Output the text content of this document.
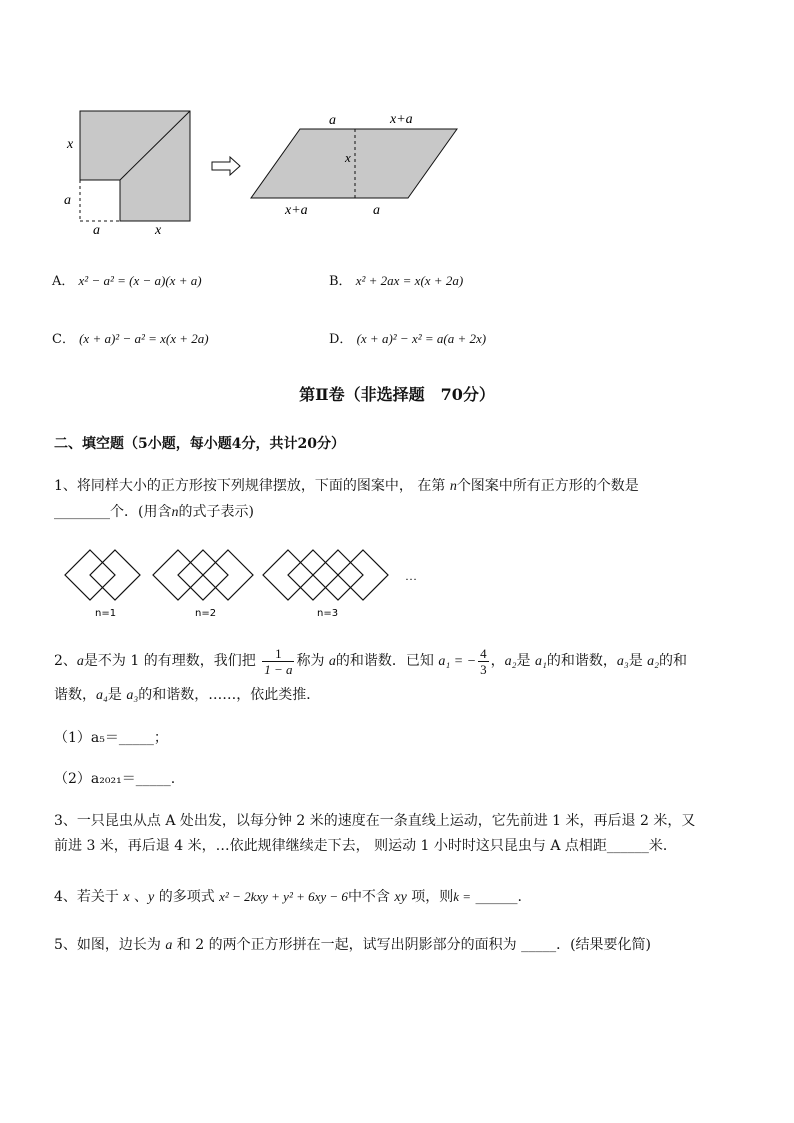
x
a
a	x
a	x+a
x
x+a	a
A． x² − a² = (x − a)(x + a)	B． x² + 2ax = x(x + 2a)
C． (x + a)² − a² = x(x + 2a)	D． (x + a)² − x² = a(a + 2x)
第Ⅱ卷（非选择题　70分）
二、填空题（5小题，每小题4分，共计20分）
1、将同样大小的正方形按下列规律摆放，下面的图案中， 在第 n个图案中所有正方形的个数是
________个．(用含n的式子表示)
n=1	n=2	n=3
…
2、a是不为 1 的有理数，我们把 $\frac{1}{1 - a}$ 称为 a的和谐数．已知 a₁ = − $\frac{4}{3}$ ，a₂是 a₁的和谐数，a₃是 a₂的和
谐数，a₄是 a₃的和谐数，……，依此类推．
（1）a₅＝_____；
（2）a₂₀₂₁＝_____.
3、一只昆虫从点 A 处出发，以每分钟 2 米的速度在一条直线上运动，它先前进 1 米，再后退 2 米，又
前进 3 米，再后退 4 米，…依此规律继续走下去， 则运动 1 小时时这只昆虫与 A 点相距______米．
4、若关于 x 、y 的多项式 x² − 2kxy + y² + 6xy − 6中不含 xy 项，则k = ______.
5、如图，边长为 a 和 2 的两个正方形拼在一起，试写出阴影部分的面积为 _____．(结果要化简)
